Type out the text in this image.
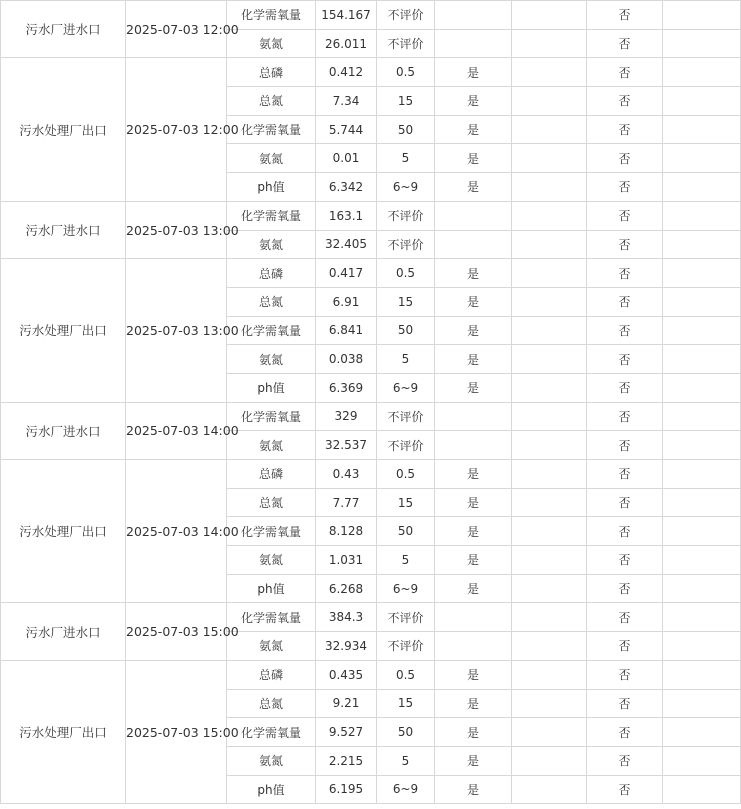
污水厂进水口	2025-07-03 12:00	化学需氧量	154.167	不评价			否	
		氨氮	26.011	不评价			否	
污水处理厂出口	2025-07-03 12:00	总磷	0.412	0.5	是		否	
		总氮	7.34	15	是		否	
		化学需氧量	5.744	50	是		否	
		氨氮	0.01	5	是		否	
		ph值	6.342	6~9	是		否	
污水厂进水口	2025-07-03 13:00	化学需氧量	163.1	不评价			否	
		氨氮	32.405	不评价			否	
污水处理厂出口	2025-07-03 13:00	总磷	0.417	0.5	是		否	
		总氮	6.91	15	是		否	
		化学需氧量	6.841	50	是		否	
		氨氮	0.038	5	是		否	
		ph值	6.369	6~9	是		否	
污水厂进水口	2025-07-03 14:00	化学需氧量	329	不评价			否	
		氨氮	32.537	不评价			否	
污水处理厂出口	2025-07-03 14:00	总磷	0.43	0.5	是		否	
		总氮	7.77	15	是		否	
		化学需氧量	8.128	50	是		否	
		氨氮	1.031	5	是		否	
		ph值	6.268	6~9	是		否	
污水厂进水口	2025-07-03 15:00	化学需氧量	384.3	不评价			否	
		氨氮	32.934	不评价			否	
污水处理厂出口	2025-07-03 15:00	总磷	0.435	0.5	是		否	
		总氮	9.21	15	是		否	
		化学需氧量	9.527	50	是		否	
		氨氮	2.215	5	是		否	
		ph值	6.195	6~9	是		否	
